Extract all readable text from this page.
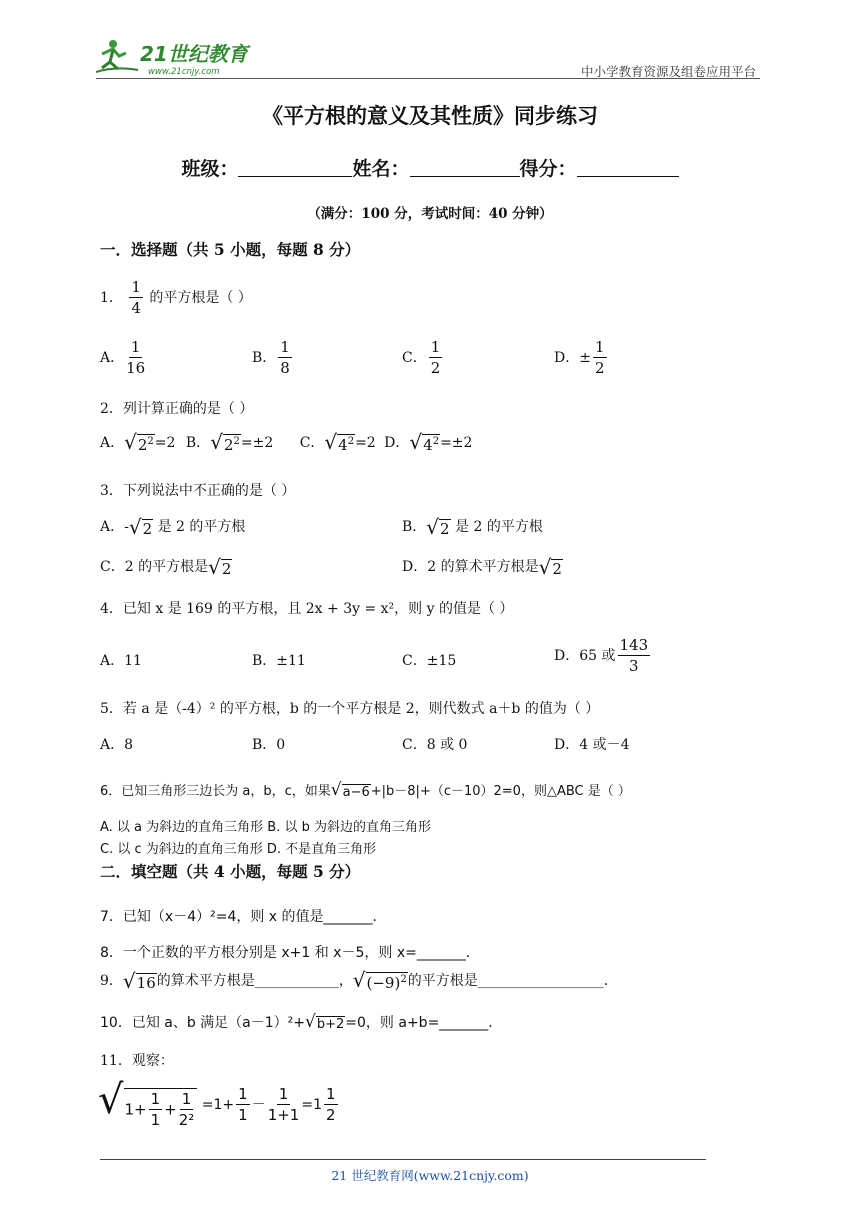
21世纪教育
www.21cnjy.com	中小学教育资源及组卷应用平台
《平方根的意义及其性质》同步练习
班级：	姓名：	得分：
（满分：100 分，考试时间：40 分钟）
一．选择题（共 5 小题，每题 8 分）
1． $\frac{1}{4}$ 的平方根是（ ）
A． $\frac{1}{16}$	B． $\frac{1}{8}$	C． $\frac{1}{2}$	D．± $\frac{1}{2}$
2．列计算正确的是（ ）
A． √ $2^2 =2$ B． √ $2^2 =\pm 2$ C． √ $4^2 =2$ D． √ $4^2 =\pm 2$
3．下列说法中不正确的是（ ）
A．- √ 2 是 2 的平方根	B． √ 2 是 2 的平方根
C．2 的平方根是 √ 2	D．2 的算术平方根是 √ 2
4．已知 x 是 169 的平方根，且 2x + 3y = x²，则 y 的值是（ ）
A．11	B．±11	C．±15	D．65 或 $\frac{143}{3}$
5．若 a 是（-4）² 的平方根，b 的一个平方根是 2，则代数式 a＋b 的值为（ ）
A．8	B．0	C．8 或 0	D．4 或－4
6．已知三角形三边长为 a，b，c，如果 √ a−6 +|b－8|+（c－10）2=0，则△ABC 是（ ）
A. 以 a 为斜边的直角三角形 B. 以 b 为斜边的直角三角形
C. 以 c 为斜边的直角三角形 D. 不是直角三角形
二．填空题（共 4 小题，每题 5 分）
7．已知（x－4）²=4，则 x 的值是_______．
8．一个正数的平方根分别是 x+1 和 x－5，则 x=_______．
9． √ 16 的算术平方根是____________， √ $(-9)^2$ 的平方根是__________________．
10．已知 a、b 满足（a－1）²+ √ b+2 =0，则 a+b=_______．
11．观察：
√ $1+ \frac{1}{1} + \frac{1}{\text{2²}} =1+ \frac{1}{1} - \frac{1}{1+1} =1 \frac{1}{2}$
21 世纪教育网(www.21cnjy.com)
